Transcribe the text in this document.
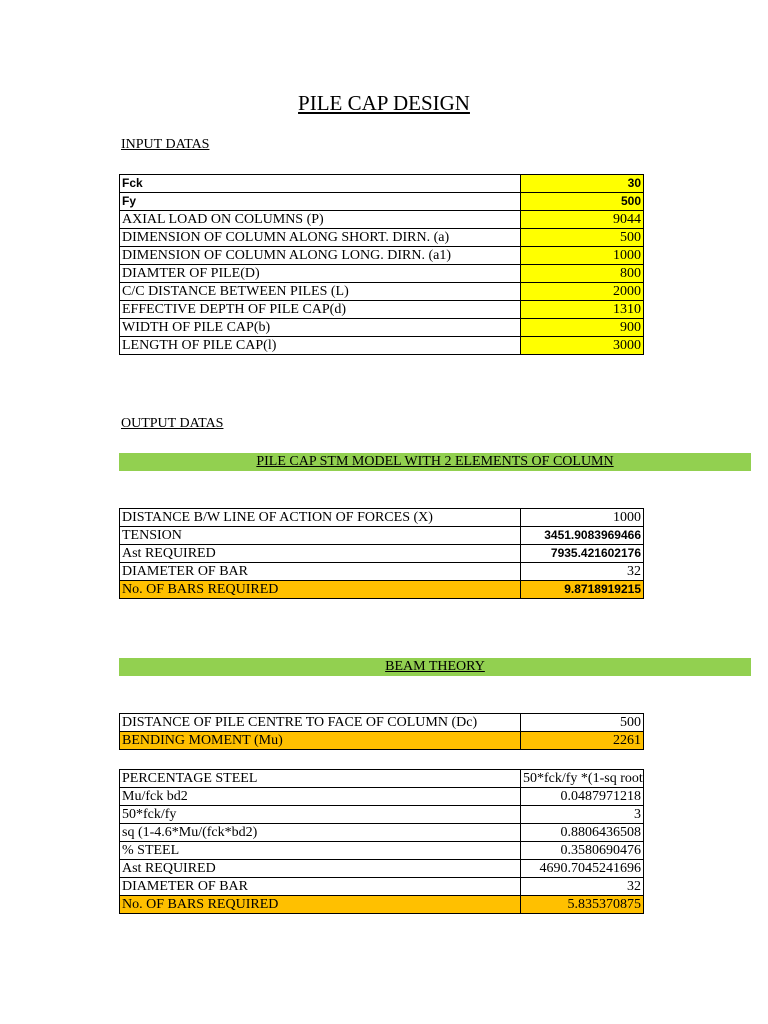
PILE CAP DESIGN
INPUT DATAS
Fck	30
Fy	500
AXIAL LOAD ON COLUMNS (P)	9044
DIMENSION OF COLUMN ALONG SHORT. DIRN. (a)	500
DIMENSION OF COLUMN ALONG LONG. DIRN. (a1)	1000
DIAMTER OF PILE(D)	800
C/C DISTANCE BETWEEN PILES (L)	2000
EFFECTIVE DEPTH OF PILE CAP(d)	1310
WIDTH OF PILE CAP(b)	900
LENGTH OF PILE CAP(l)	3000
OUTPUT DATAS
PILE CAP STM MODEL WITH 2 ELEMENTS OF COLUMN
DISTANCE B/W LINE OF ACTION OF FORCES (X)	1000
TENSION	3451.9083969466
Ast REQUIRED	7935.421602176
DIAMETER OF BAR	32
No. OF BARS REQUIRED	9.8718919215
BEAM THEORY
DISTANCE OF PILE CENTRE TO FACE OF COLUMN (Dc)	500
BENDING MOMENT (Mu)	2261
PERCENTAGE STEEL	50*fck/fy *(1-sq root
Mu/fck bd2	0.0487971218
50*fck/fy	3
sq (1-4.6*Mu/(fck*bd2)	0.8806436508
% STEEL	0.3580690476
Ast REQUIRED	4690.7045241696
DIAMETER OF BAR	32
No. OF BARS REQUIRED	5.835370875
